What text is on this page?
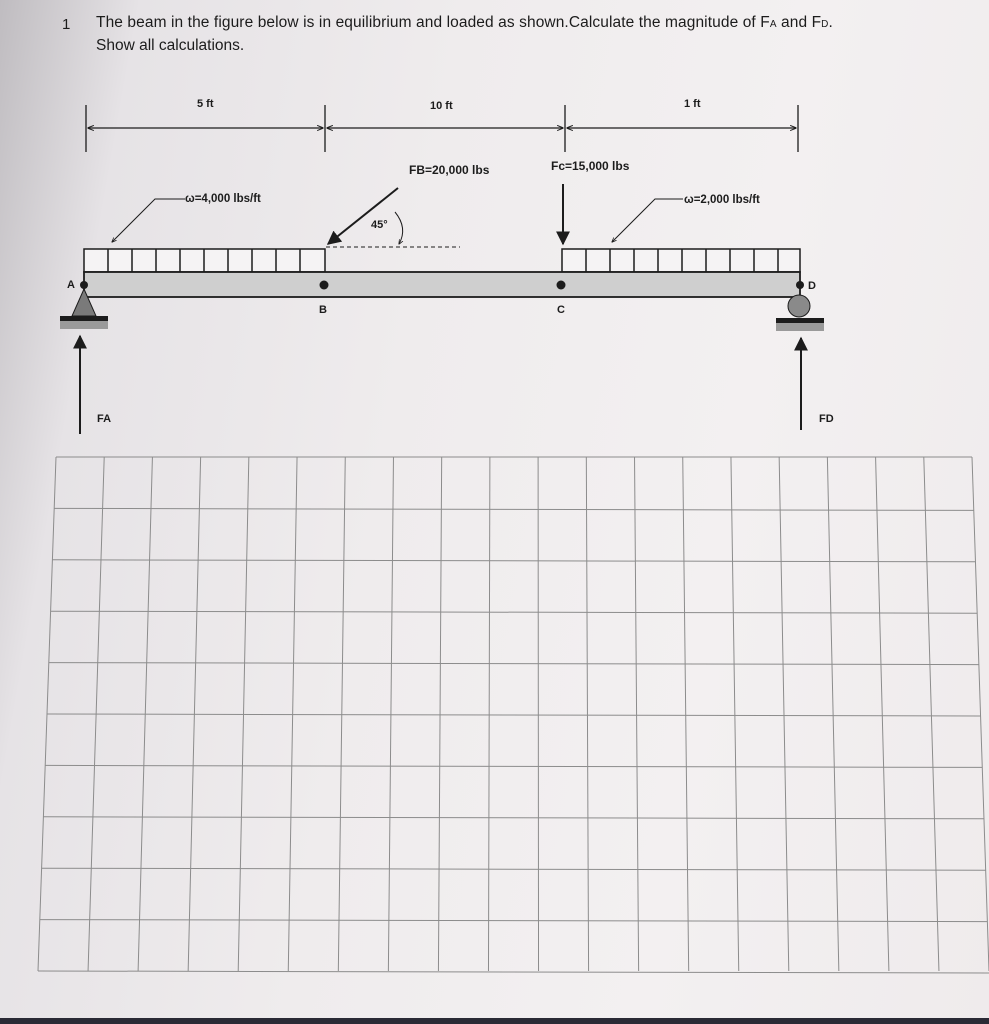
1 The beam in the figure below is in equilibrium and loaded as shown.Calculate the magnitude of FA and FD.
Show all calculations.
5 ft	10 ft	1 ft
FB=20,000 lbs	Fc=15,000 lbs
ω=4,000 lbs/ft	ω=2,000 lbs/ft
45°
A
B	C
D
FA	FD
